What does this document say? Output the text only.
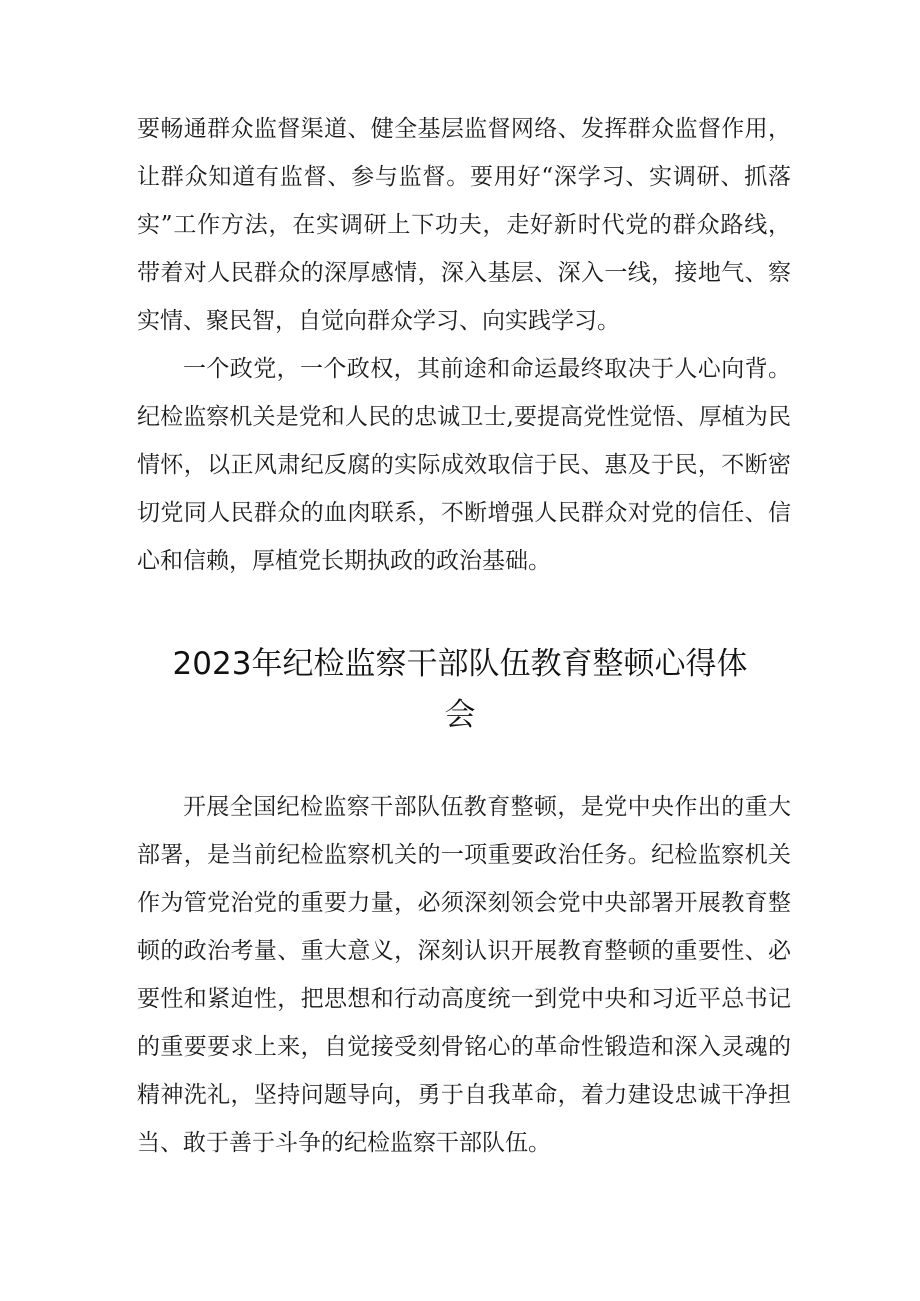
要畅通群众监督渠道、健全基层监督网络、发挥群众监督作用，
让群众知道有监督、参与监督。要用好“深学习、实调研、抓落
实”工作方法，在实调研上下功夫，走好新时代党的群众路线，
带着对人民群众的深厚感情，深入基层、深入一线，接地气、察
实情、聚民智，自觉向群众学习、向实践学习。
一个政党，一个政权，其前途和命运最终取决于人心向背。
纪检监察机关是党和人民的忠诚卫士,要提高党性觉悟、厚植为民
情怀，以正风肃纪反腐的实际成效取信于民、惠及于民，不断密
切党同人民群众的血肉联系，不断增强人民群众对党的信任、信
心和信赖，厚植党长期执政的政治基础。
2023年纪检监察干部队伍教育整顿心得体
会
开展全国纪检监察干部队伍教育整顿，是党中央作出的重大
部署，是当前纪检监察机关的一项重要政治任务。纪检监察机关
作为管党治党的重要力量，必须深刻领会党中央部署开展教育整
顿的政治考量、重大意义，深刻认识开展教育整顿的重要性、必
要性和紧迫性，把思想和行动高度统一到党中央和习近平总书记
的重要要求上来，自觉接受刻骨铭心的革命性锻造和深入灵魂的
精神洗礼，坚持问题导向，勇于自我革命，着力建设忠诚干净担
当、敢于善于斗争的纪检监察干部队伍。
